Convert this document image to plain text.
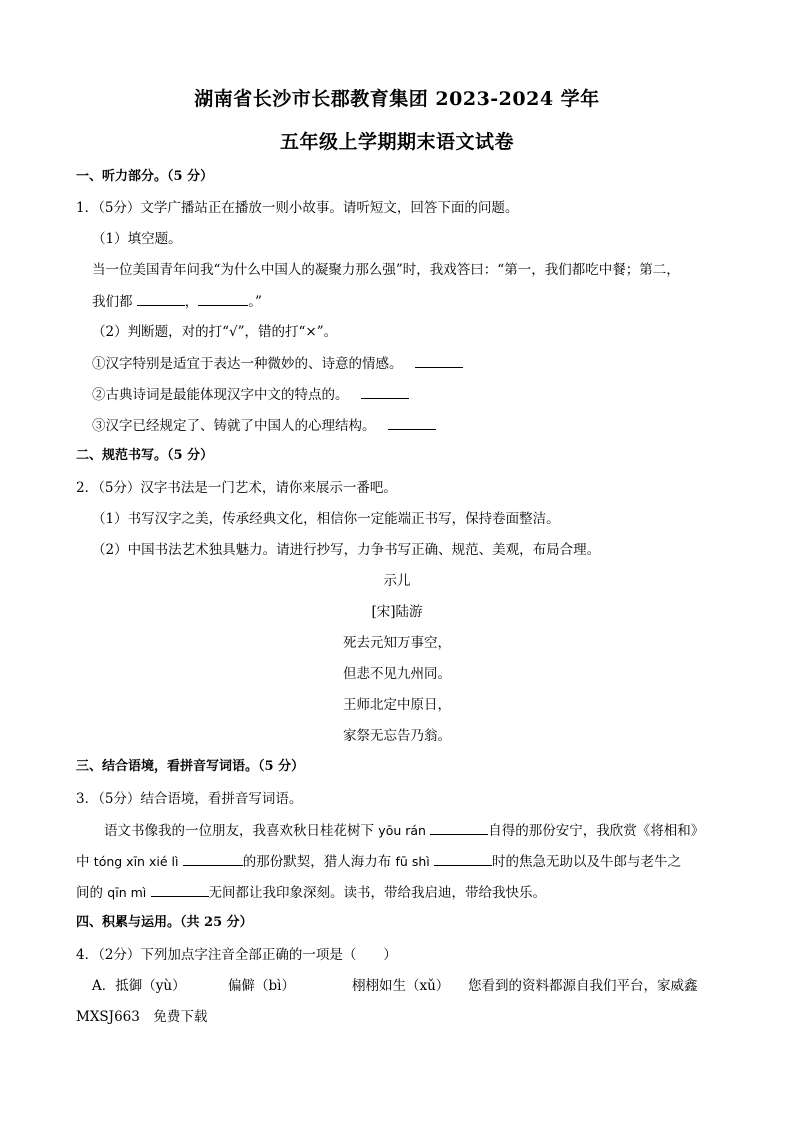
湖南省长沙市长郡教育集团 2023-2024 学年
五年级上学期期末语文试卷
一、听力部分。（5 分）
1．（5分）文学广播站正在播放一则小故事。请听短文，回答下面的问题。
（1）填空题。
当一位美国青年问我“为什么中国人的凝聚力那么强”时，我戏答曰：“第一，我们都吃中餐；第二，
我们都	，	。”
（2）判断题，对的打“√”，错的打“×”。
①汉字特别是适宜于表达一种微妙的、诗意的情感。
②古典诗词是最能体现汉字中文的特点的。
③汉字已经规定了、铸就了中国人的心理结构。
二、规范书写。（5 分）
2．（5分）汉字书法是一门艺术，请你来展示一番吧。
（1）书写汉字之美，传承经典文化，相信你一定能端正书写，保持卷面整洁。
（2）中国书法艺术独具魅力。请进行抄写，力争书写正确、规范、美观，布局合理。
示儿
[宋]陆游
死去元知万事空，
但悲不见九州同。
王师北定中原日，
家祭无忘告乃翁。
三、结合语境，看拼音写词语。（5 分）
3．（5分）结合语境，看拼音写词语。
语文书像我的一位朋友，我喜欢秋日桂花树下 yōu rán	自得的那份安宁，我欣赏《将相和》
中 tóng xīn xié lì	的那份默契，猎人海力布 fū shì	时的焦急无助以及牛郎与老牛之
间的 qīn mì	无间都让我印象深刻。读书，带给我启迪，带给我快乐。
四、积累与运用。（共 25 分）
4．（2分）下列加点字注音全部正确的一项是（　　）
A．抵御（yù）	偏僻（bì）	栩栩如生（xǔ） 您看到的资料都源自我们平台，家威鑫
MXSJ663　免费下载
